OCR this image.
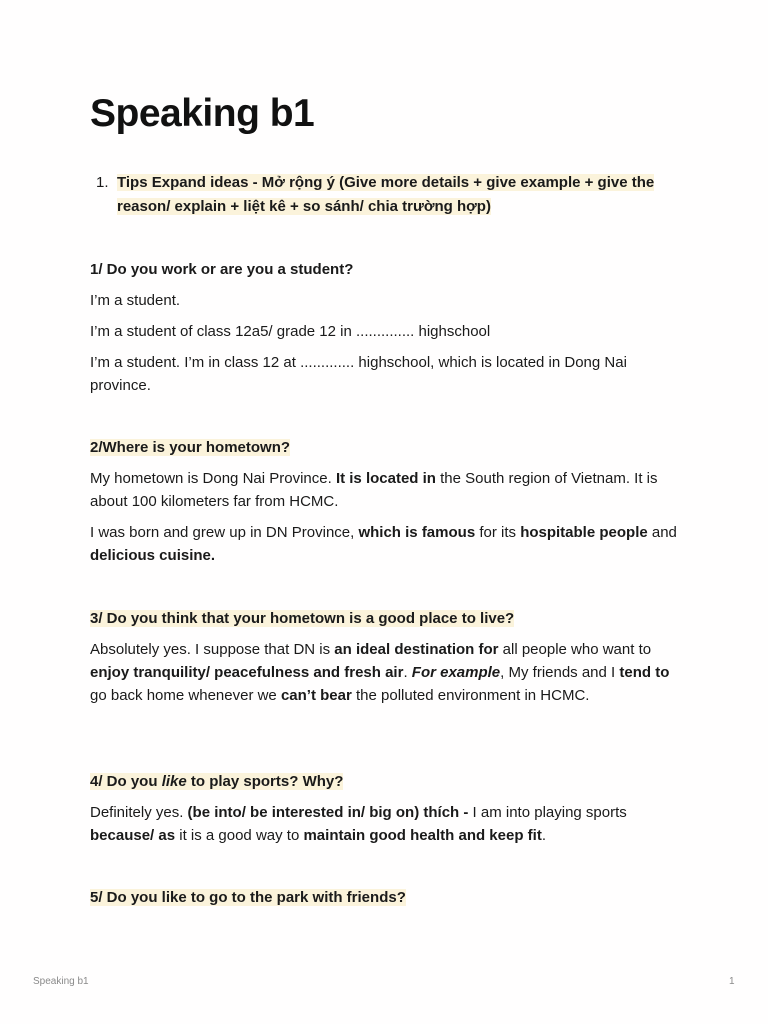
Speaking b1
1. Tips Expand ideas - Mở rộng ý (Give more details + give example + give the reason/ explain + liệt kê + so sánh/ chia trường hợp)
1/ Do you work or are you a student?
I’m a student.
I’m a student of class 12a5/ grade 12 in .............. highschool
I’m a student. I’m in class 12 at ............. highschool, which is located in Dong Nai province.
2/Where is your hometown?
My hometown is Dong Nai Province. It is located in the South region of Vietnam. It is about 100 kilometers far from HCMC.
I was born and grew up in DN Province, which is famous for its hospitable people and delicious cuisine.
3/ Do you think that your hometown is a good place to live?
Absolutely yes. I suppose that DN is an ideal destination for all people who want to enjoy tranquility/ peacefulness and fresh air. For example, My friends and I tend to go back home whenever we can’t bear the polluted environment in HCMC.
4/ Do you like to play sports? Why?
Definitely yes. (be into/ be interested in/ big on) thích - I am into playing sports because/ as it is a good way to maintain good health and keep fit.
5/ Do you like to go to the park with friends?
Speaking b1	1
